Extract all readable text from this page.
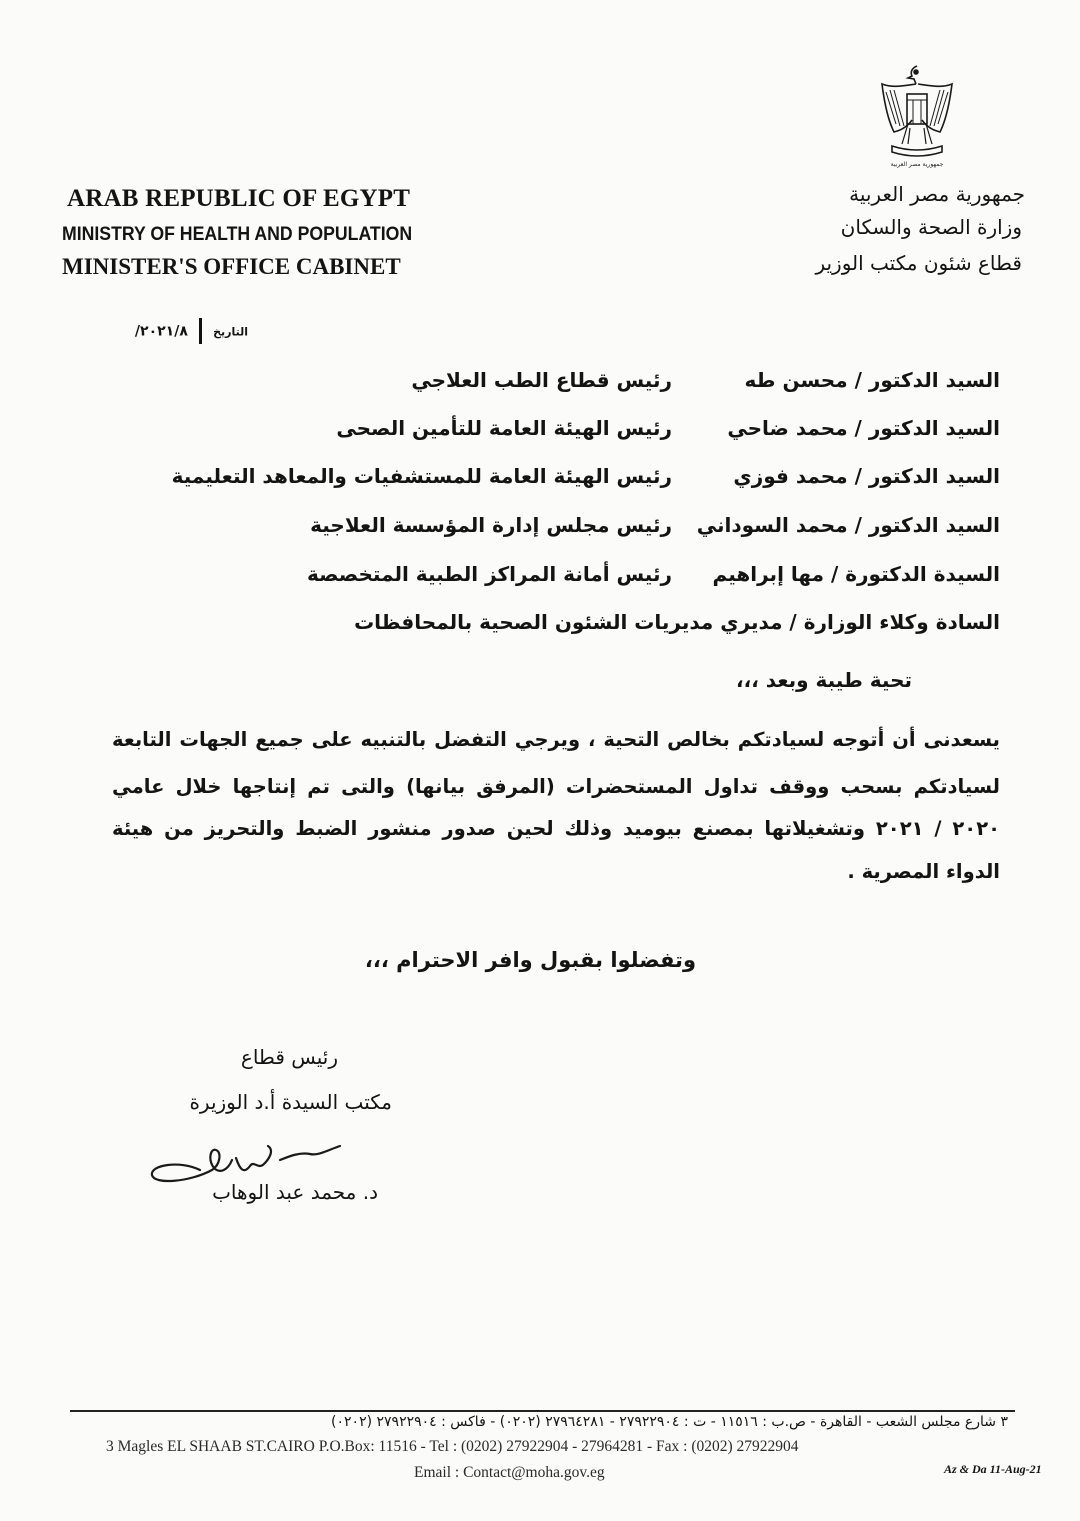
جمهورية مصر العربية
ARAB REPUBLIC OF EGYPT
MINISTRY OF HEALTH AND POPULATION
MINISTER'S OFFICE CABINET
جمهورية مصر العربية
وزارة الصحة والسكان
قطاع شئون مكتب الوزير
التاريخ  ٢٠٢١/٨/
السيد الدكتور / محسن طه
رئيس قطاع الطب العلاجي
السيد الدكتور / محمد ضاحي
رئيس الهيئة العامة للتأمين الصحى
السيد الدكتور / محمد فوزي
رئيس الهيئة العامة للمستشفيات والمعاهد التعليمية
السيد الدكتور / محمد السوداني
رئيس مجلس إدارة المؤسسة العلاجية
السيدة الدكتورة / مها إبراهيم
رئيس أمانة المراكز الطبية المتخصصة
السادة وكلاء الوزارة / مديري مديريات الشئون الصحية بالمحافظات
تحية طيبة وبعد ،،،
يسعدنى أن أتوجه لسيادتكم بخالص التحية ، ويرجي التفضل بالتنبيه على جميع الجهات التابعة
لسيادتكم بسحب ووقف تداول المستحضرات (المرفق بيانها) والتى تم إنتاجها خلال عامي
٢٠٢٠ / ٢٠٢١ وتشغيلاتها بمصنع بيوميد وذلك لحين صدور منشور الضبط والتحريز من هيئة
الدواء المصرية .
وتفضلوا بقبول وافر الاحترام ،،،
رئيس قطاع
مكتب السيدة أ.د الوزيرة
د. محمد عبد الوهاب
٣ شارع مجلس الشعب - القاهرة - ص.ب : ١١٥١٦ - ت : ٢٧٩٢٢٩٠٤ - ٢٧٩٦٤٢٨١ (٠٢٠٢) - فاكس : ٢٧٩٢٢٩٠٤ (٠٢٠٢)
3 Magles EL SHAAB ST.CAIRO P.O.Box: 11516 - Tel : (0202) 27922904 - 27964281 - Fax : (0202) 27922904
Email : Contact@moha.gov.eg	Az & Da 11-Aug-21
